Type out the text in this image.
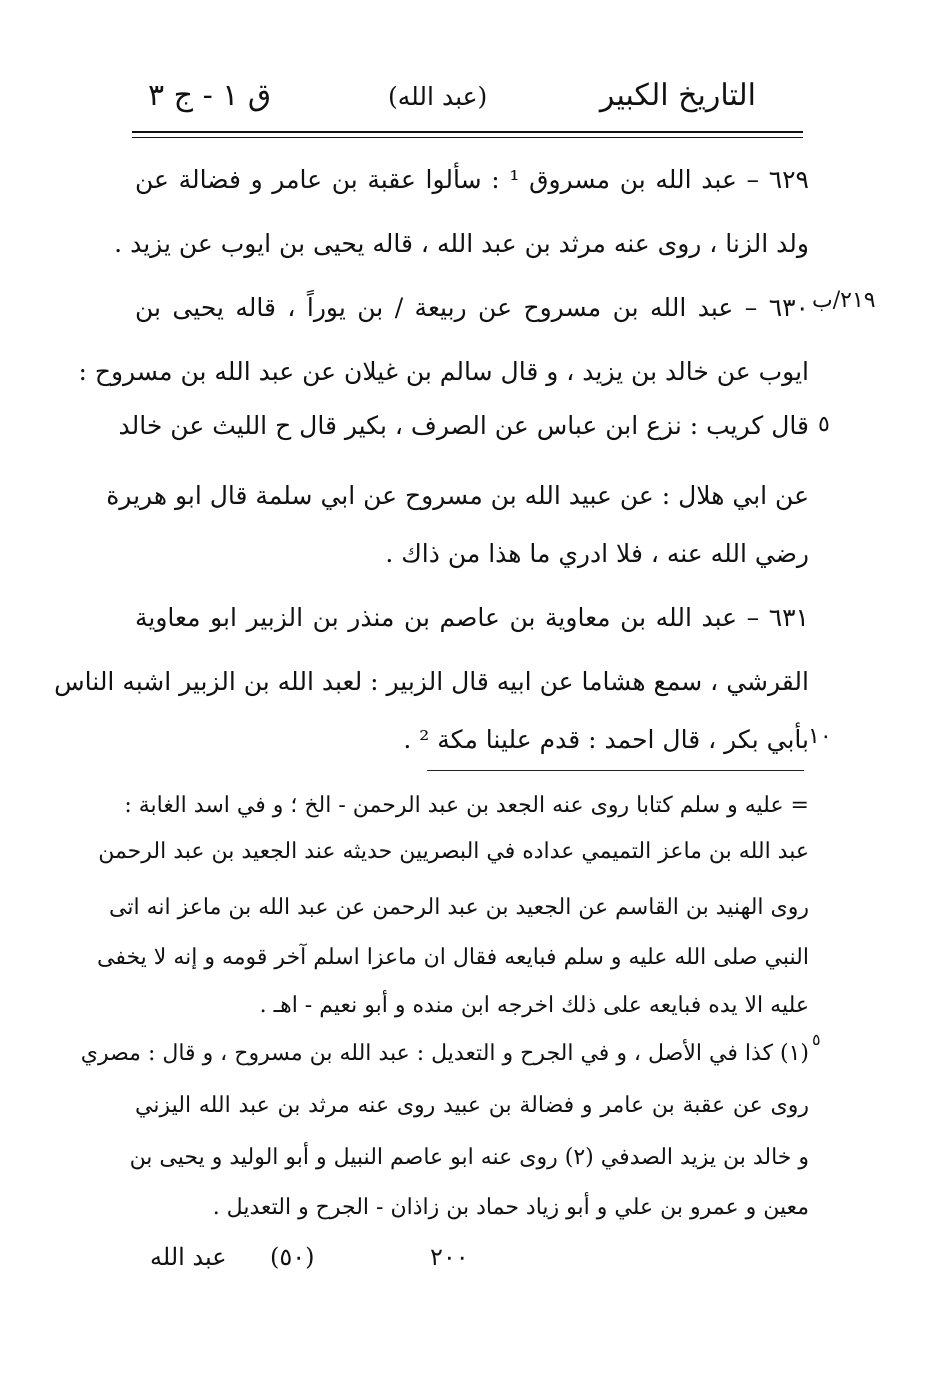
التاريخ الكبير
(عبد الله)
ق ١ - ج ٣
٢١٩/ب
٥
١٠
٥
٦٢٩ – عبد الله بن مسروق ¹ : سألوا عقبة بن عامر و فضالة عن
ولد الزنا ، روى عنه مرثد بن عبد الله ، قاله يحيى بن ايوب عن يزيد .
٦٣٠ – عبد الله بن مسروح عن ربيعة / بن يوراً ، قاله يحيى بن
ايوب عن خالد بن يزيد ، و قال سالم بن غيلان عن عبد الله بن مسروح :
قال كريب : نزع ابن عباس عن الصرف ، بكير قال ح الليث عن خالد
عن ابي هلال : عن عبيد الله بن مسروح عن ابي سلمة قال ابو هريرة
رضي الله عنه ، فلا ادري ما هذا من ذاك .
٦٣١ – عبد الله بن معاوية بن عاصم بن منذر بن الزبير ابو معاوية
القرشي ، سمع هشاما عن ابيه قال الزبير : لعبد الله بن الزبير اشبه الناس
بأبي بكر ، قال احمد : قدم علينا مكة ² .
= عليه و سلم كتابا روى عنه الجعد بن عبد الرحمن - الخ ؛ و في اسد الغابة :
عبد الله بن ماعز التميمي عداده في البصريين حديثه عند الجعيد بن عبد الرحمن
روى الهنيد بن القاسم عن الجعيد بن عبد الرحمن عن عبد الله بن ماعز انه اتى
النبي صلى الله عليه و سلم فبايعه فقال ان ماعزا اسلم آخر قومه و إنه لا يخفى
عليه الا يده فبايعه على ذلك اخرجه ابن منده و أبو نعيم - اهـ .
(١) كذا في الأصل ، و في الجرح و التعديل : عبد الله بن مسروح ، و قال : مصري
روى عن عقبة بن عامر و فضالة بن عبيد روى عنه مرثد بن عبد الله اليزني
و خالد بن يزيد الصدفي (٢) روى عنه ابو عاصم النبيل و أبو الوليد و يحيى بن
معين و عمرو بن علي و أبو زياد حماد بن زاذان - الجرح و التعديل .
٢٠٠
(٥٠)
عبد الله
